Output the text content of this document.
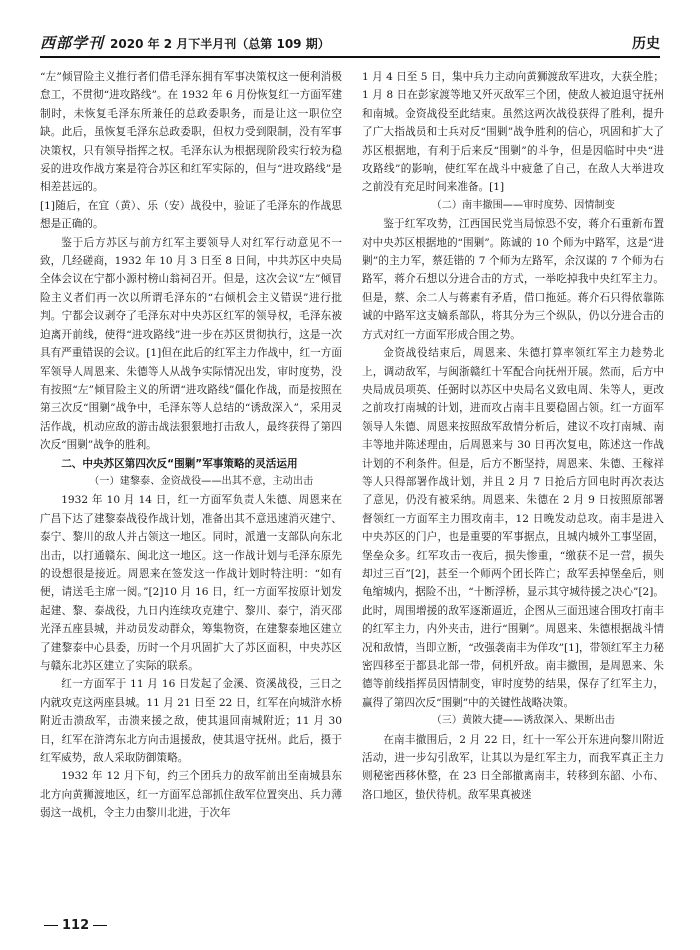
西部学刊 2020 年 2 月下半月刊（总第 109 期）	历史

“左”倾冒险主义推行者们借毛泽东拥有军事决策权这一便利消极怠工，不贯彻“进攻路线”。在 1932 年 6 月份恢复红一方面军建制时，未恢复毛泽东所兼任的总政委职务，而是让这一职位空缺。此后，虽恢复毛泽东总政委职，但权力受到限制，没有军事决策权，只有领导指挥之权。毛泽东认为根据现阶段实行较为稳妥的进攻作战方案是符合苏区和红军实际的，但与“进攻路线”是相差甚远的。

[1]随后，在宜（黄）、乐（安）战役中，验证了毛泽东的作战思想是正确的。

鉴于后方苏区与前方红军主要领导人对红军行动意见不一致，几经磋商，1932 年 10 月 3 日至 8 日间，中共苏区中央局全体会议在宁都小源村榜山翁祠召开。但是，这次会议“左”倾冒险主义者们再一次以所谓毛泽东的“右倾机会主义错误”进行批判。宁都会议剥夺了毛泽东对中央苏区红军的领导权，毛泽东被迫离开前线，使得“进攻路线”进一步在苏区贯彻执行，这是一次具有严重错误的会议。[1]但在此后的红军主力作战中，红一方面军领导人周恩来、朱德等人从战争实际情况出发，审时度势，没有按照“左”倾冒险主义的所谓“进攻路线”僵化作战，而是按照在第三次反“围剿”战争中，毛泽东等人总结的“诱敌深入”，采用灵活作战，机动应敌的游击战法狠狠地打击敌人，最终获得了第四次反“围剿”战争的胜利。

二、中央苏区第四次反“围剿”军事策略的灵活运用

（一）建黎泰、金资战役——出其不意，主动出击

1932 年 10 月 14 日，红一方面军负责人朱德、周恩来在广昌下达了建黎泰战役作战计划，准备出其不意迅速消灭建宁、泰宁、黎川的敌人并占领这一地区。同时，派遣一支部队向东北出击，以打通赣东、闽北这一地区。这一作战计划与毛泽东原先的设想很是接近。周恩来在签发这一作战计划时特注明：“如有便，请送毛主席一阅。”[2]10 月 16 日，红一方面军按原计划发起建、黎、泰战役，九日内连续攻克建宁、黎川、泰宁，消灭邵光泽五座县城，并动员发动群众，筹集物资，在建黎泰地区建立了建黎泰中心县委，历时一个月巩固扩大了苏区面积，中央苏区与赣东北苏区建立了实际的联系。

红一方面军于 11 月 16 日发起了金溪、资溪战役，三日之内就攻克这两座县城。11 月 21 日至 22 日，红军在向城浒水桥附近击溃敌军，击溃来援之敌，使其退回南城附近；11 月 30 日，红军在浒湾东北方向击退援敌，使其退守抚州。此后，摄于红军威势，敌人采取防御策略。

1932 年 12 月下旬，约三个团兵力的敌军前出至南城县东北方向黄狮渡地区，红一方面军总部抓住敌军位置突出、兵力薄弱这一战机，令主力由黎川北进，于次年

1 月 4 日至 5 日，集中兵力主动向黄狮渡敌军进攻，大获全胜；1 月 8 日在彭家渡等地又歼灭敌军三个团，使敌人被迫退守抚州和南城。金资战役至此结束。虽然这两次战役获得了胜利，提升了广大指战员和士兵对反“围剿”战争胜利的信心，巩固和扩大了苏区根据地，有利于后来反“围剿”的斗争，但是因临时中央“进攻路线”的影响，使红军在战斗中疲惫了自己，在敌人大举进攻之前没有充足时间来准备。[1]

（二）南丰撤围——审时度势、因情制变

鉴于红军攻势，江西国民党当局惊恐不安，蒋介石重新布置对中央苏区根据地的“围剿”。陈诚的 10 个师为中路军，这是“进剿”的主力军，蔡廷锴的 7 个师为左路军，余汉谋的 7 个师为右路军，蒋介石想以分进合击的方式，一举吃掉我中央红军主力。但是，蔡、余二人与蒋素有矛盾，借口拖延。蒋介石只得依靠陈诚的中路军这支嫡系部队，将其分为三个纵队，仍以分进合击的方式对红一方面军形成合围之势。

金资战役结束后，周恩来、朱德打算率领红军主力趁势北上，调动敌军，与闽浙赣红十军配合向抚州开展。然而，后方中央局成员项英、任弼时以苏区中央局名义致电周、朱等人，更改之前攻打南城的计划，进而攻占南丰且要稳固占领。红一方面军领导人朱德、周恩来按照敌军敌情分析后，建议不攻打南城、南丰等地并陈述理由，后周恩来与 30 日再次复电，陈述这一作战计划的不利条件。但是，后方不断坚持，周恩来、朱德、王稼祥等人只得部署作战计划，并且 2 月 7 日抢后方回电时再次表达了意见，仍没有被采纳。周恩来、朱德在 2 月 9 日按照原部署督领红一方面军主力围攻南丰，12 日晚发动总攻。南丰是进入中央苏区的门户，也是重要的军事据点，且城内城外工事坚固，堡垒众多。红军攻击一夜后，损失惨重，“缴获不足一营，损失却过三百”[2]，甚至一个师两个团长阵亡；敌军丢掉堡垒后，则龟缩城内，据险不出，“十断浮桥，显示其守城待援之决心”[2]。此时，周围增援的敌军逐渐逼近，企图从三面迅速合围攻打南丰的红军主力，内外夹击，进行“围剿”。周恩来、朱德根据战斗情况和敌情，当即立断，“改强袭南丰为佯攻”[1]，带领红军主力秘密四移至于都县北部一带，伺机歼敌。南丰撤围，是周恩来、朱德等前线指挥员因情制变，审时度势的结果，保存了红军主力，赢得了第四次反“围剿”中的关键性战略决策。

（三）黄陂大捷——诱敌深入、果断出击

在南丰撤围后，2 月 22 日，红十一军公开东进向黎川附近活动，进一步勾引敌军，让其以为是红军主力，而我军真正主力则秘密西移休整，在 23 日全部撤离南丰，转移到东韶、小布、洛口地区，蛰伏待机。敌军果真被迷

112
